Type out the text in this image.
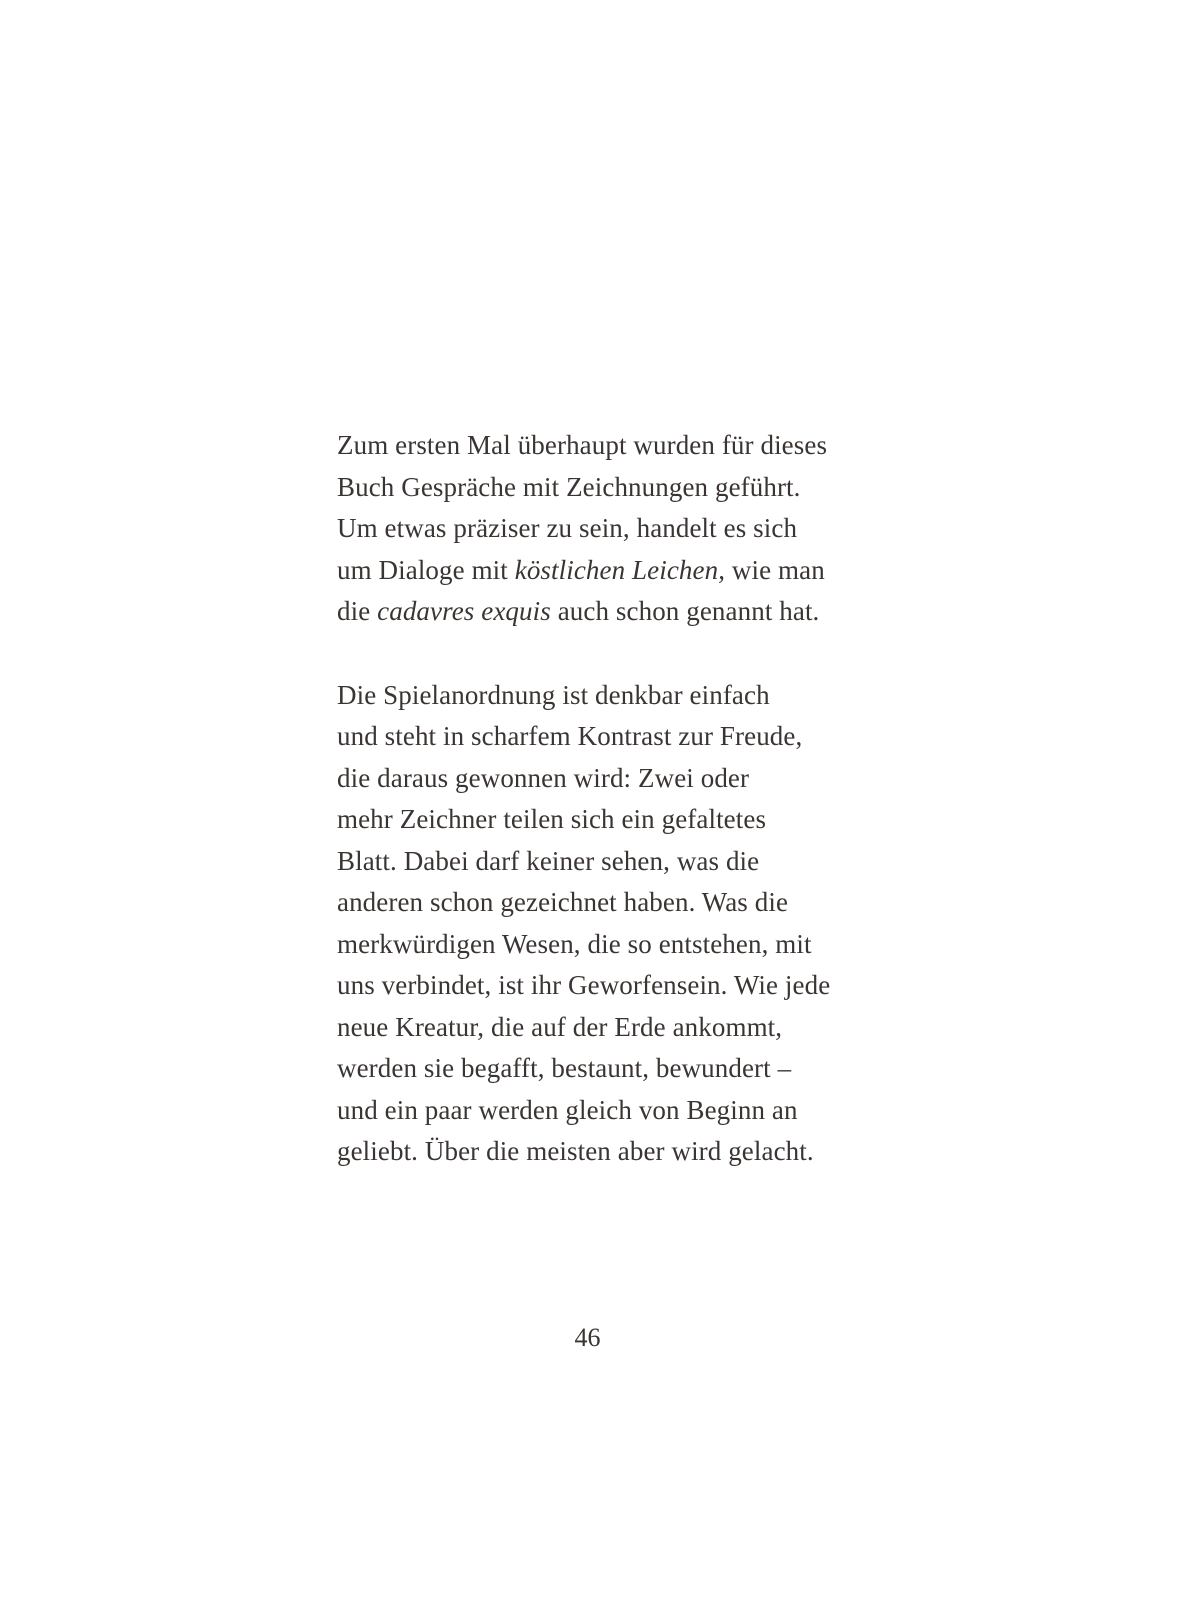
Zum ersten Mal überhaupt wurden für dieses
Buch Gespräche mit Zeichnungen geführt.
Um etwas präziser zu sein, handelt es sich
um Dialoge mit köstlichen Leichen, wie man
die cadavres exquis auch schon genannt hat.

Die Spielanordnung ist denkbar einfach
und steht in scharfem Kontrast zur Freude,
die daraus gewonnen wird: Zwei oder
mehr Zeichner teilen sich ein gefaltetes
Blatt. Dabei darf keiner sehen, was die
anderen schon gezeichnet haben. Was die
merkwürdigen Wesen, die so entstehen, mit
uns verbindet, ist ihr Geworfensein. Wie jede
neue Kreatur, die auf der Erde ankommt,
werden sie begafft, bestaunt, bewundert –
und ein paar werden gleich von Beginn an
geliebt. Über die meisten aber wird gelacht.

46
